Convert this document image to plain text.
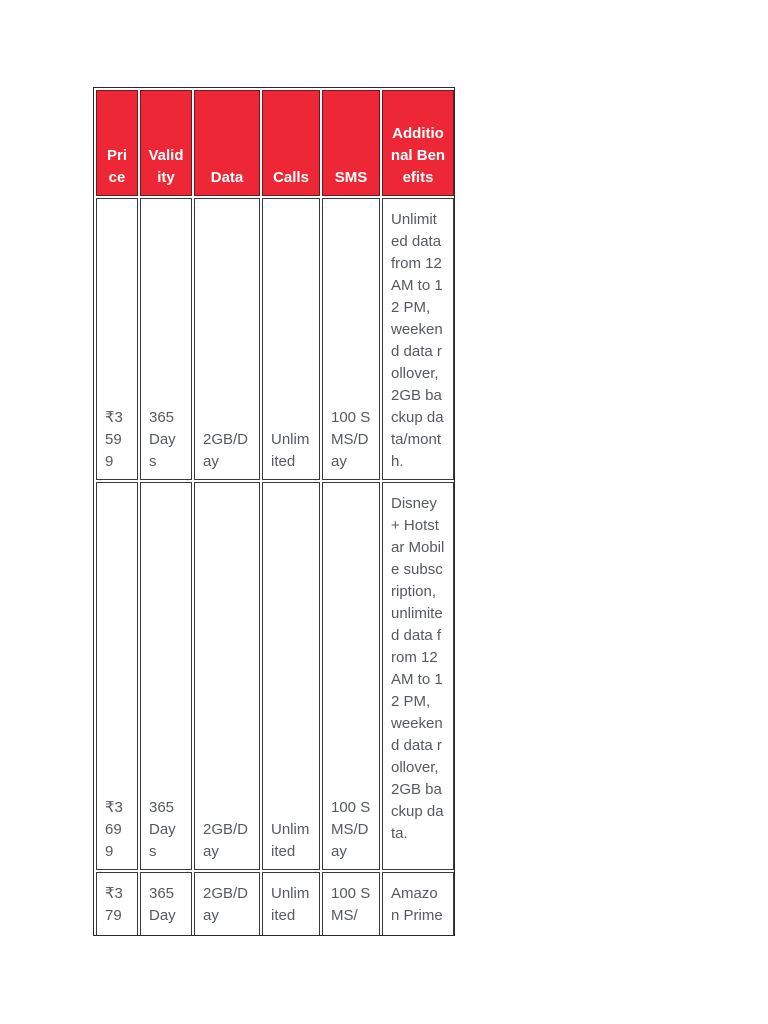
Price	Validity	Data	Calls	SMS	Additional Benefits
₹3599	365 Days	2GB/Day	Unlimited	100 SMS/Day	Unlimited data from 12 AM to 12 PM, weekend data rollover, 2GB backup data/month.
₹3699	365 Days	2GB/Day	Unlimited	100 SMS/Day	Disney + Hotstar Mobile subscription, unlimited data from 12 AM to 12 PM, weekend data rollover, 2GB backup data.
₹379	365 Day	2GB/Day	Unlimited	100 SMS/	Amazon Prime
